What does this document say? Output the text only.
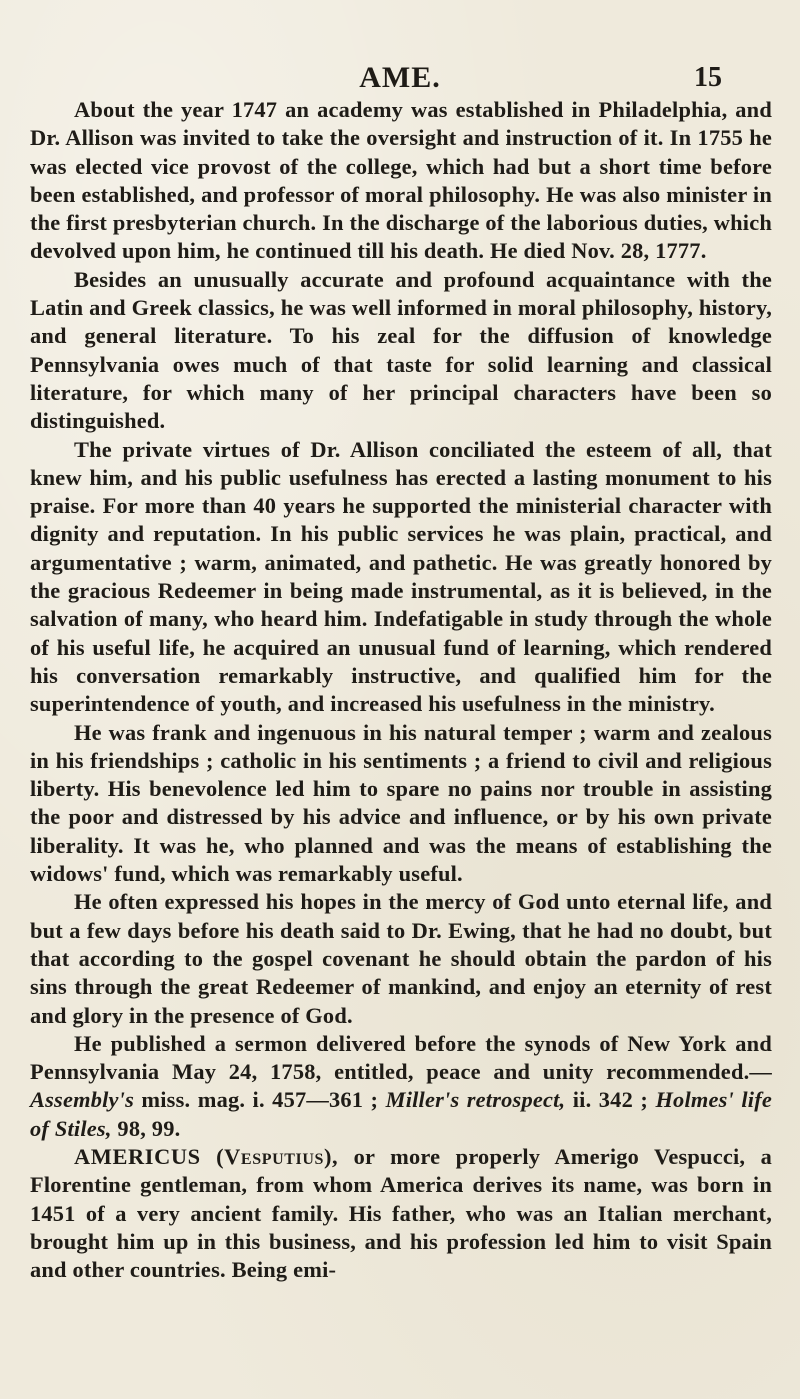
AME.	15

About the year 1747 an academy was established in Philadelphia, and Dr. Allison was invited to take the oversight and instruction of it. In 1755 he was elected vice provost of the college, which had but a short time before been established, and professor of moral philosophy. He was also minister in the first presbyterian church. In the discharge of the laborious duties, which devolved upon him, he continued till his death. He died Nov. 28, 1777.

Besides an unusually accurate and profound acquaintance with the Latin and Greek classics, he was well informed in moral philosophy, history, and general literature. To his zeal for the diffusion of knowledge Pennsylvania owes much of that taste for solid learning and classical literature, for which many of her principal characters have been so distinguished.

The private virtues of Dr. Allison conciliated the esteem of all, that knew him, and his public usefulness has erected a lasting monument to his praise. For more than 40 years he supported the ministerial character with dignity and reputation. In his public services he was plain, practical, and argumentative ; warm, animated, and pathetic. He was greatly honored by the gracious Redeemer in being made instrumental, as it is believed, in the salvation of many, who heard him. Indefatigable in study through the whole of his useful life, he acquired an unusual fund of learning, which rendered his conversation remarkably instructive, and qualified him for the superintendence of youth, and increased his usefulness in the ministry.

He was frank and ingenuous in his natural temper ; warm and zealous in his friendships ; catholic in his sentiments ; a friend to civil and religious liberty. His benevolence led him to spare no pains nor trouble in assisting the poor and distressed by his advice and influence, or by his own private liberality. It was he, who planned and was the means of establishing the widows' fund, which was remarkably useful.

He often expressed his hopes in the mercy of God unto eternal life, and but a few days before his death said to Dr. Ewing, that he had no doubt, but that according to the gospel covenant he should obtain the pardon of his sins through the great Redeemer of mankind, and enjoy an eternity of rest and glory in the presence of God.

He published a sermon delivered before the synods of New York and Pennsylvania May 24, 1758, entitled, peace and unity recommended.—Assembly's miss. mag. i. 457—361 ; Miller's retrospect, ii. 342 ; Holmes' life of Stiles, 98, 99.

AMERICUS (Vesputius), or more properly Amerigo Vespucci, a Florentine gentleman, from whom America derives its name, was born in 1451 of a very ancient family. His father, who was an Italian merchant, brought him up in this business, and his profession led him to visit Spain and other countries. Being emi-
